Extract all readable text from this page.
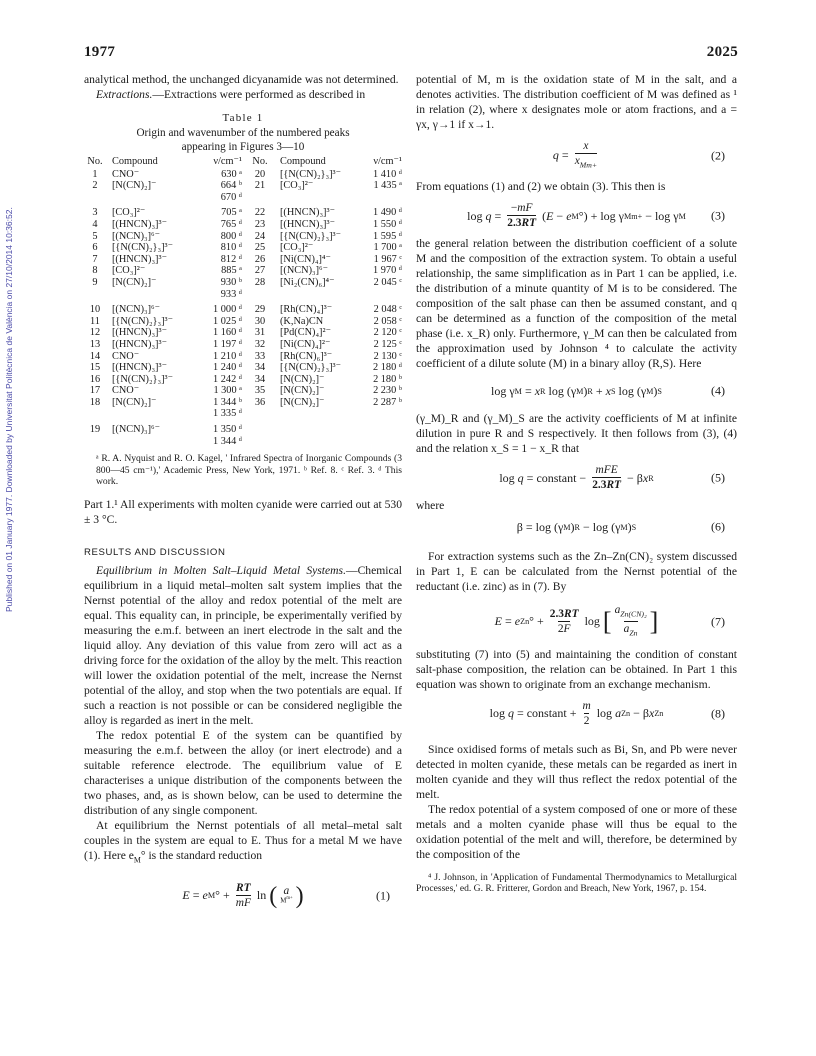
1977	2025
Published on 01 January 1977. Downloaded by Universitat Politècnica de València on 27/10/2014 10:36:52.

analytical method, the unchanged dicyanamide was not determined.

Extractions.—Extractions were performed as described in

Table 1
Origin and wavenumber of the numbered peaks
appearing in Figures 3—10
No.	Compound	ν/cm⁻¹	No.	Compound	ν/cm⁻¹
1	CNO⁻	630 ᵃ	20	[{N(CN)₂}₃]³⁻	1 410 ᵈ
2	[N(CN)₂]⁻	664 ᵇ	21	[CO₃]²⁻	1 435 ᵃ
		670 ᵈ			
3	[CO₃]²⁻	705 ᵃ	22	[(HNCN)₃]³⁻	1 490 ᵈ
4	[(HNCN)₃]³⁻	765 ᵈ	23	[(HNCN)₃]³⁻	1 550 ᵈ
5	[(NCN)₃]⁶⁻	800 ᵈ	24	[{N(CN)₂}₃]³⁻	1 595 ᵈ
6	[{N(CN)₂}₃]³⁻	810 ᵈ	25	[CO₃]²⁻	1 700 ᵃ
7	[(HNCN)₃]³⁻	812 ᵈ	26	[Ni(CN)₄]⁴⁻	1 967 ᶜ
8	[CO₃]²⁻	885 ᵃ	27	[(NCN)₃]⁶⁻	1 970 ᵈ
9	[N(CN)₂]⁻	930 ᵇ	28	[Ni₂(CN)₆]⁴⁻	2 045 ᶜ
		933 ᵈ			
10	[(NCN)₃]⁶⁻	1 000 ᵈ	29	[Rh(CN)₄]³⁻	2 048 ᶜ
11	[{N(CN)₂}₃]³⁻	1 025 ᵈ	30	(K,Na)CN	2 058 ᶜ
12	[(HNCN)₃]³⁻	1 160 ᵈ	31	[Pd(CN)₄]²⁻	2 120 ᶜ
13	[(HNCN)₃]³⁻	1 197 ᵈ	32	[Ni(CN)₄]²⁻	2 125 ᶜ
14	CNO⁻	1 210 ᵈ	33	[Rh(CN)₆]³⁻	2 130 ᶜ
15	[(HNCN)₃]³⁻	1 240 ᵈ	34	[{N(CN)₂}₃]³⁻	2 180 ᵈ
16	[{N(CN)₂}₃]³⁻	1 242 ᵈ	34	[N(CN)₂]⁻	2 180 ᵇ
17	CNO⁻	1 300 ᵃ	35	[N(CN)₂]⁻	2 230 ᵇ
18	[N(CN)₂]⁻	1 344 ᵇ	36	[N(CN)₂]⁻	2 287 ᵇ
		1 335 ᵈ			
19	[(NCN)₃]⁶⁻	1 350 ᵈ			
		1 344 ᵈ			
ᵃ R. A. Nyquist and R. O. Kagel, ' Infrared Spectra of Inorganic Compounds (3 800—45 cm⁻¹),' Academic Press, New York, 1971. ᵇ Ref. 8. ᶜ Ref. 3. ᵈ This work.

Part 1.¹ All experiments with molten cyanide were carried out at 530 ± 3 °C.

RESULTS AND DISCUSSION

Equilibrium in Molten Salt–Liquid Metal Systems.—Chemical equilibrium in a liquid metal–molten salt system implies that the Nernst potential of the alloy and redox potential of the melt are equal. This equality can, in principle, be experimentally verified by measuring the e.m.f. between an inert electrode in the salt and the liquid alloy. Any deviation of this value from zero will act as a driving force for the oxidation of the alloy by the melt. This reaction will lower the oxidation potential of the melt, increase the Nernst potential of the alloy, and stop when the two potentials are equal. If such a reaction is not possible or can be considered negligible the alloy is regarded as inert in the melt.

The redox potential E of the system can be quantified by measuring the e.m.f. between the alloy (or inert electrode) and a suitable reference electrode. The equilibrium value of E characterises a unique distribution of the components between the two phases, and, as is shown below, can be used to determine the distribution of any single component.

At equilibrium the Nernst potentials of all metal–metal salt couples in the system are equal to E. Thus for a metal M we have (1). Here $e_M^\circ$ is the standard reduction

E = e M ° + $\frac{RT}{mF}$ ln ( a
$M^{m+}$ )	(1)

potential of M, m is the oxidation state of M in the salt, and a denotes activities. The distribution coefficient of M was defined as ¹ in relation (2), where x designates mole or atom fractions, and a = γx, γ→1 if x→1.

$q = \frac{x}{x_{Mm+}}$	(2)

From equations (1) and (2) we obtain (3). This then is

$\log q = \frac{-mF}{2.3RT}$ ( E − e M °) + log γ Mm+ − log γ M (3)

the general relation between the distribution coefficient of a solute M and the composition of the extraction system. To obtain a useful relationship, the same simplification as in Part 1 can be applied, i.e. the distribution of a minute quantity of M is to be considered. The composition of the salt phase can then be assumed constant, and q can be determined as a function of the composition of the metal phase (i.e. x_R) only. Furthermore, γ_M can then be calculated from the approximation used by Johnson ⁴ to calculate the activity coefficient of a dilute solute (M) in a binary alloy (R,S). Here

log γ M = x R log (γ M ) R + x S log (γ M ) S	(4)

(γ_M)_R and (γ_M)_S are the activity coefficients of M at infinite dilution in pure R and S respectively. It then follows from (3), (4) and the relation x_S = 1 − x_R that

log q = constant − $\frac{\text{mFE}}{2.3RT} - \beta$ x R	(5)

where

β = log (γ M ) R − log (γ M ) S	(6)

For extraction systems such as the Zn–Zn(CN)₂ system discussed in Part 1, E can be calculated from the Nernst potential of the reductant (i.e. zinc) as in (7). By

E = e Zn ° + $\frac{2.3RT}{2F}$ log [ $\frac{a_{Zn(CN)_2}}{a_{Zn}}$ ]	(7)

substituting (7) into (5) and maintaining the condition of constant salt-phase composition, the relation can be obtained. In Part 1 this equation was shown to originate from an exchange mechanism.

log q = constant + $\frac{m}{2}$ log a Zn − β x Zn	(8)

Since oxidised forms of metals such as Bi, Sn, and Pb were never detected in molten cyanide, these metals can be regarded as inert in molten cyanide and they will thus reflect the redox potential of the melt.

The redox potential of a system composed of one or more of these metals and a molten cyanide phase will thus be equal to the oxidation potential of the melt and will, therefore, be determined by the composition of the

⁴ J. Johnson, in 'Application of Fundamental Thermodynamics to Metallurgical Processes,' ed. G. R. Fritterer, Gordon and Breach, New York, 1967, p. 154.
